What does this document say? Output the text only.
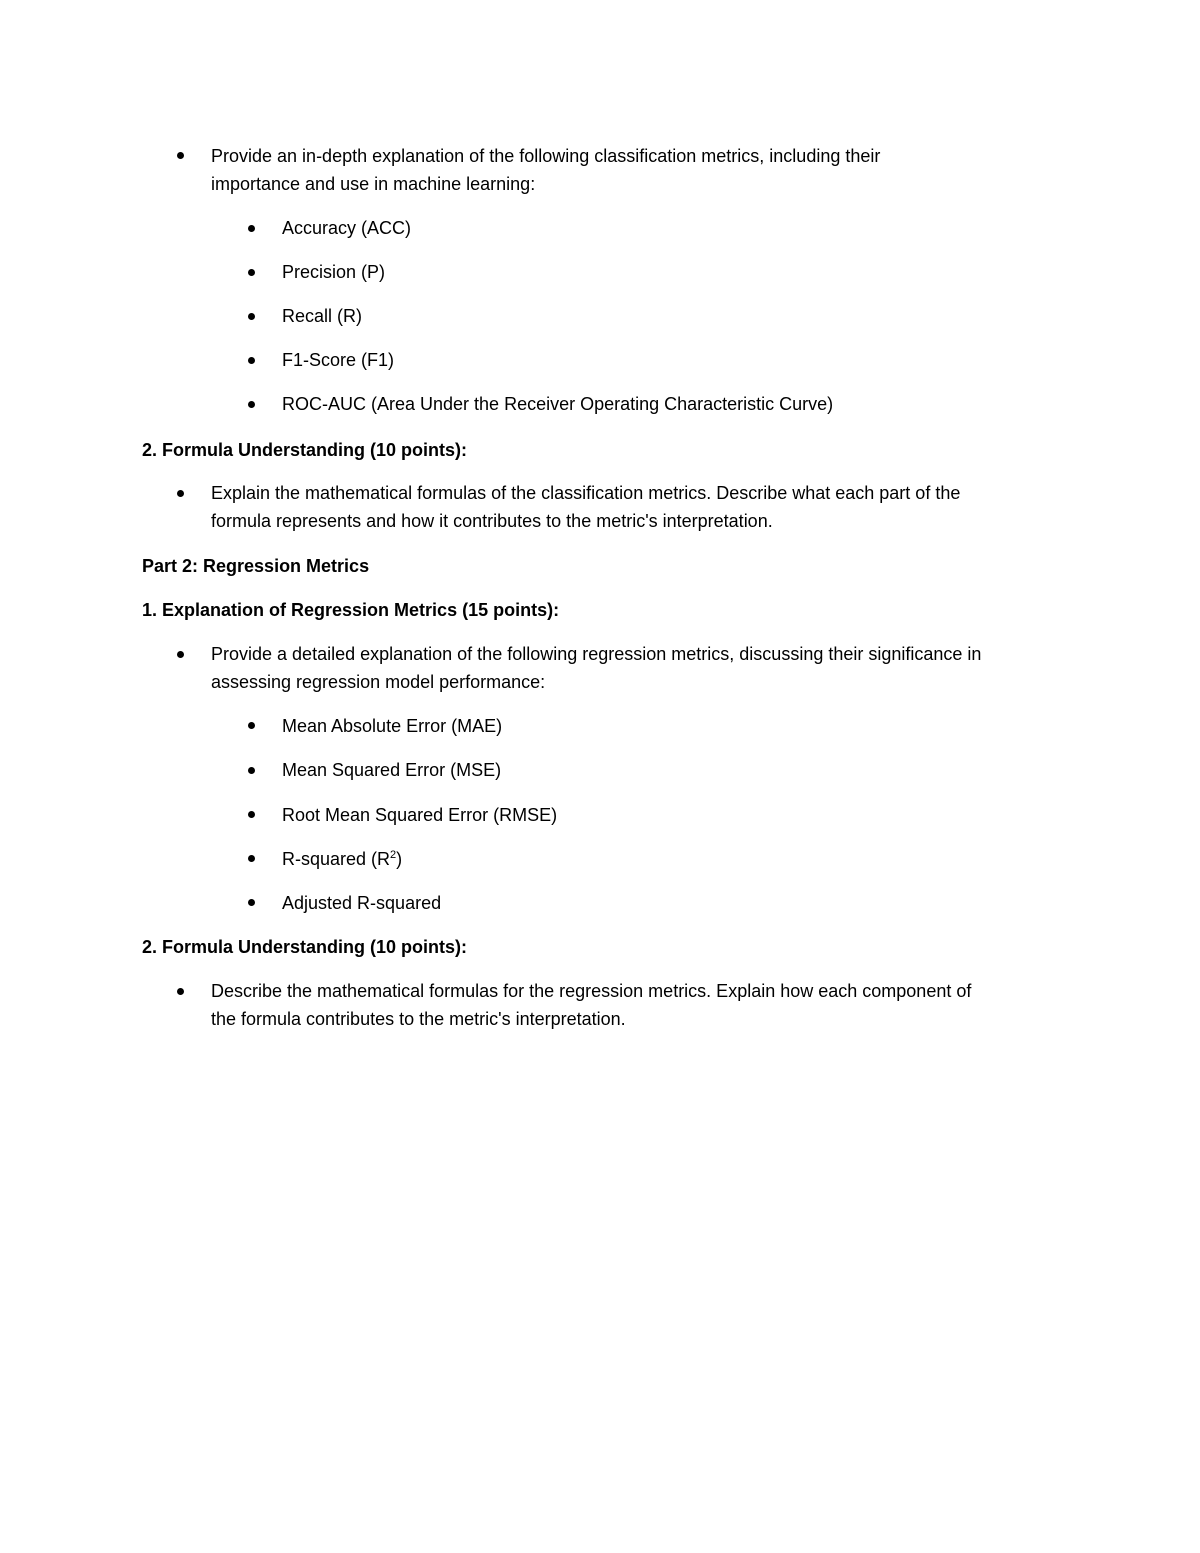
Provide an in-depth explanation of the following classification metrics, including their
importance and use in machine learning:
Accuracy (ACC)
Precision (P)
Recall (R)
F1-Score (F1)
ROC-AUC (Area Under the Receiver Operating Characteristic Curve)
2. Formula Understanding (10 points):
Explain the mathematical formulas of the classification metrics. Describe what each part of the
formula represents and how it contributes to the metric's interpretation.
Part 2: Regression Metrics
1. Explanation of Regression Metrics (15 points):
Provide a detailed explanation of the following regression metrics, discussing their significance in
assessing regression model performance:
Mean Absolute Error (MAE)
Mean Squared Error (MSE)
Root Mean Squared Error (RMSE)
R-squared $(R^2)$
Adjusted R-squared
2. Formula Understanding (10 points):
Describe the mathematical formulas for the regression metrics. Explain how each component of
the formula contributes to the metric's interpretation.
